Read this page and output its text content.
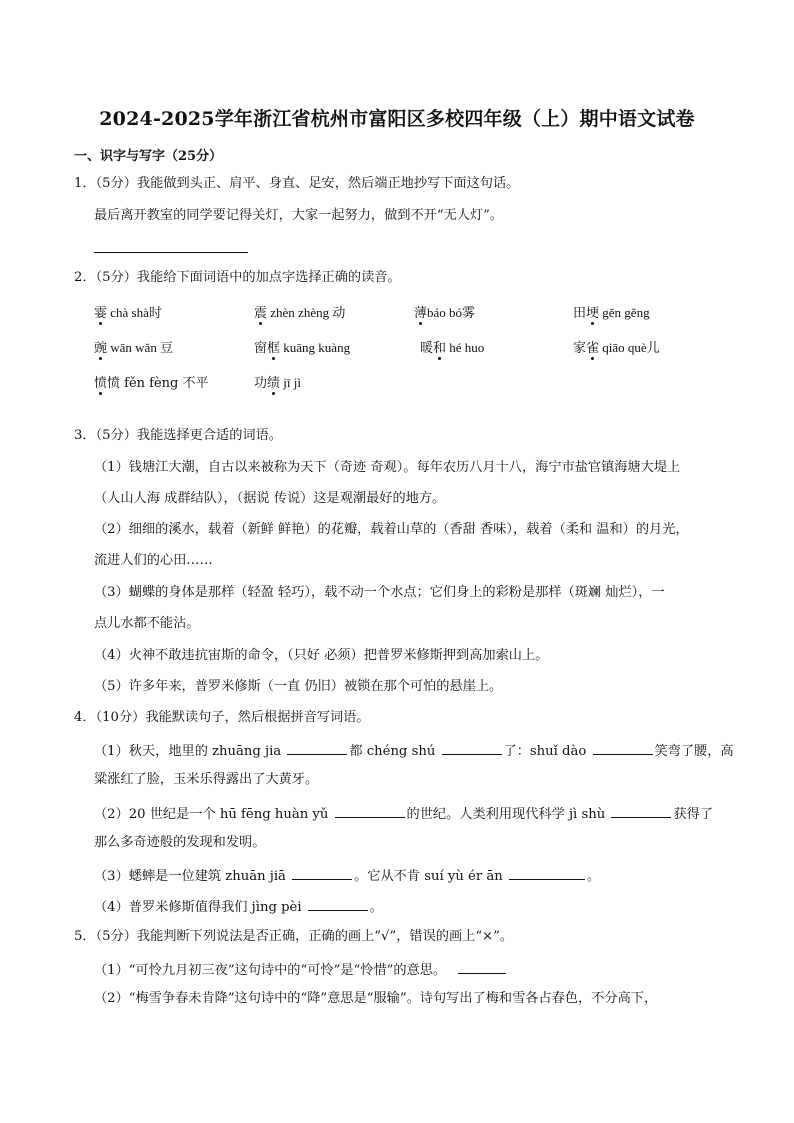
2024-2025学年浙江省杭州市富阳区多校四年级（上）期中语文试卷
一、识字与写字（25分）
1．（5分）我能做到头正、肩平、身直、足安，然后端正地抄写下面这句话。
最后离开教室的同学要记得关灯，大家一起努力，做到不开“无人灯”。
2．（5分）我能给下面词语中的加点字选择正确的读音。
霎 chà shà时	震 zhèn zhèng 动	薄báo bó雾	田埂 gěn gěng
豌 wān wǎn 豆	窗框 kuāng kuàng	暖和 hé huo	家雀 qiāo què儿
愤愤 fěn fèng 不平	功绩 jī jì
3．（5分）我能选择更合适的词语。
（1）钱塘江大潮，自古以来被称为天下（奇迹 奇观）。每年农历八月十八，海宁市盐官镇海塘大堤上
（人山人海 成群结队），（据说 传说）这是观潮最好的地方。
（2）细细的溪水，载着（新鲜 鲜艳）的花瓣，载着山草的（香甜 香味），载着（柔和 温和）的月光，
流进人们的心田……
（3）蝴蝶的身体是那样（轻盈 轻巧），载不动一个水点；它们身上的彩粉是那样（斑斓 灿烂），一
点儿水都不能沾。
（4）火神不敢违抗宙斯的命令，（只好 必须）把普罗米修斯押到高加索山上。
（5）许多年来，普罗米修斯（一直 仍旧）被锁在那个可怕的悬崖上。
4．（10分）我能默读句子，然后根据拼音写词语。
（1）秋天，地里的 zhuāng jia	都 chéng shú	了：shuǐ dào	笑弯了腰，高
粱涨红了脸，玉米乐得露出了大黄牙。
（2）20 世纪是一个 hū fēng huàn yǔ	的世纪。人类利用现代科学 jì shù	获得了
那么多奇迹般的发现和发明。
（3）蟋蟀是一位建筑 zhuān jiā	。它从不肯 suí yù ér ān	。
（4）普罗米修斯值得我们 jìng pèi	。
5．（5分）我能判断下列说法是否正确，正确的画上“√”，错误的画上“×”。
（1）“可怜九月初三夜”这句诗中的“可怜”是“怜惜”的意思。
（2）“梅雪争春未肯降”这句诗中的“降”意思是“服输”。诗句写出了梅和雪各占春色，不分高下，
